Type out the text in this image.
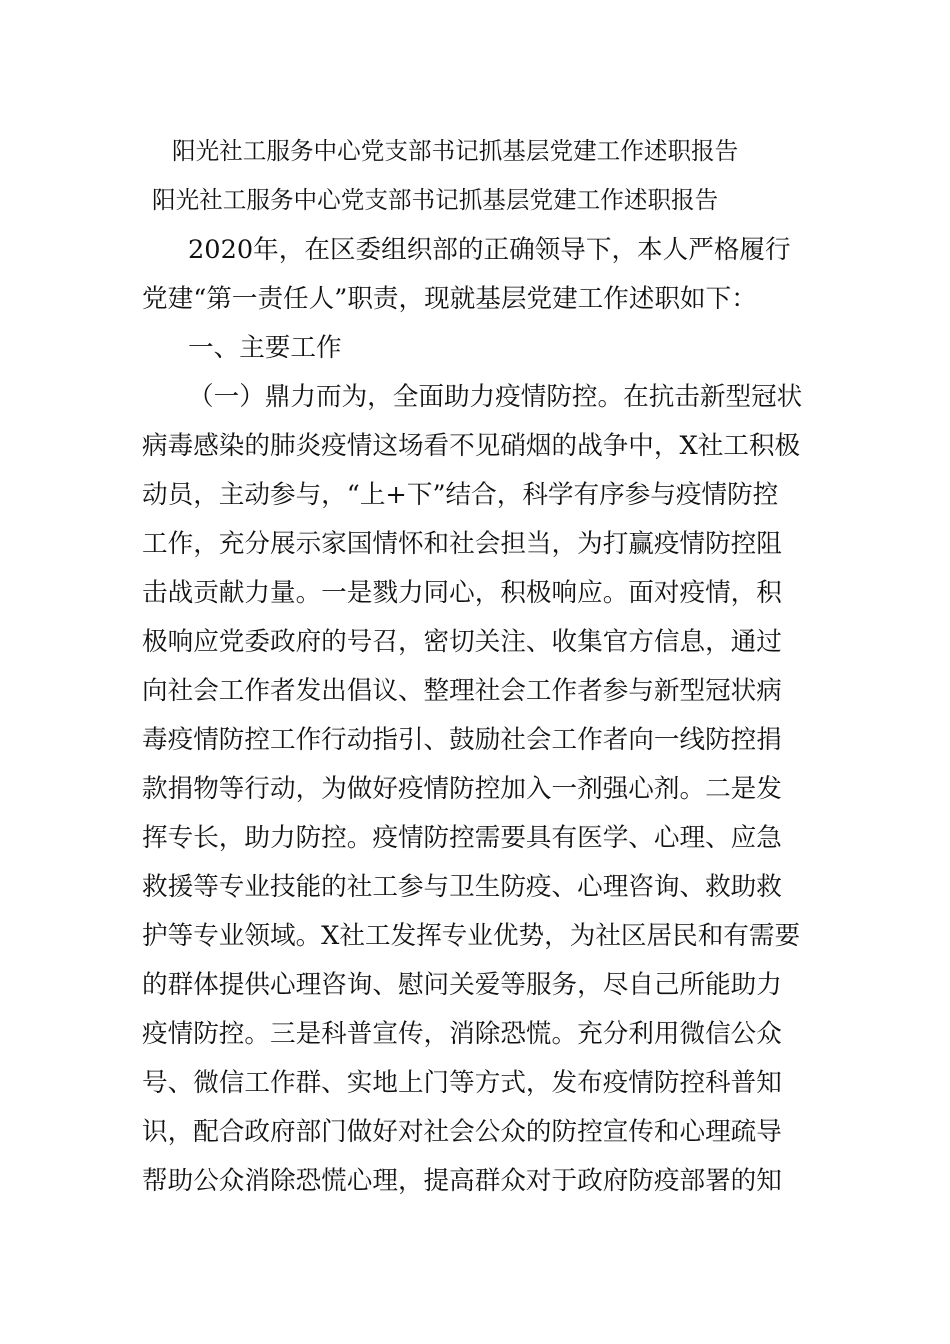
阳光社工服务中心党支部书记抓基层党建工作述职报告
阳光社工服务中心党支部书记抓基层党建工作述职报告
2020年，在区委组织部的正确领导下，本人严格履行
党建“第一责任人”职责，现就基层党建工作述职如下：
一、主要工作
（一）鼎力而为，全面助力疫情防控。在抗击新型冠状
病毒感染的肺炎疫情这场看不见硝烟的战争中，X社工积极
动员，主动参与，“上+下”结合，科学有序参与疫情防控
工作，充分展示家国情怀和社会担当，为打赢疫情防控阻
击战贡献力量。一是戮力同心，积极响应。面对疫情，积
极响应党委政府的号召，密切关注、收集官方信息，通过
向社会工作者发出倡议、整理社会工作者参与新型冠状病
毒疫情防控工作行动指引、鼓励社会工作者向一线防控捐
款捐物等行动，为做好疫情防控加入一剂强心剂。二是发
挥专长，助力防控。疫情防控需要具有医学、心理、应急
救援等专业技能的社工参与卫生防疫、心理咨询、救助救
护等专业领域。X社工发挥专业优势，为社区居民和有需要
的群体提供心理咨询、慰问关爱等服务，尽自己所能助力
疫情防控。三是科普宣传，消除恐慌。充分利用微信公众
号、微信工作群、实地上门等方式，发布疫情防控科普知
识，配合政府部门做好对社会公众的防控宣传和心理疏导
帮助公众消除恐慌心理，提高群众对于政府防疫部署的知
